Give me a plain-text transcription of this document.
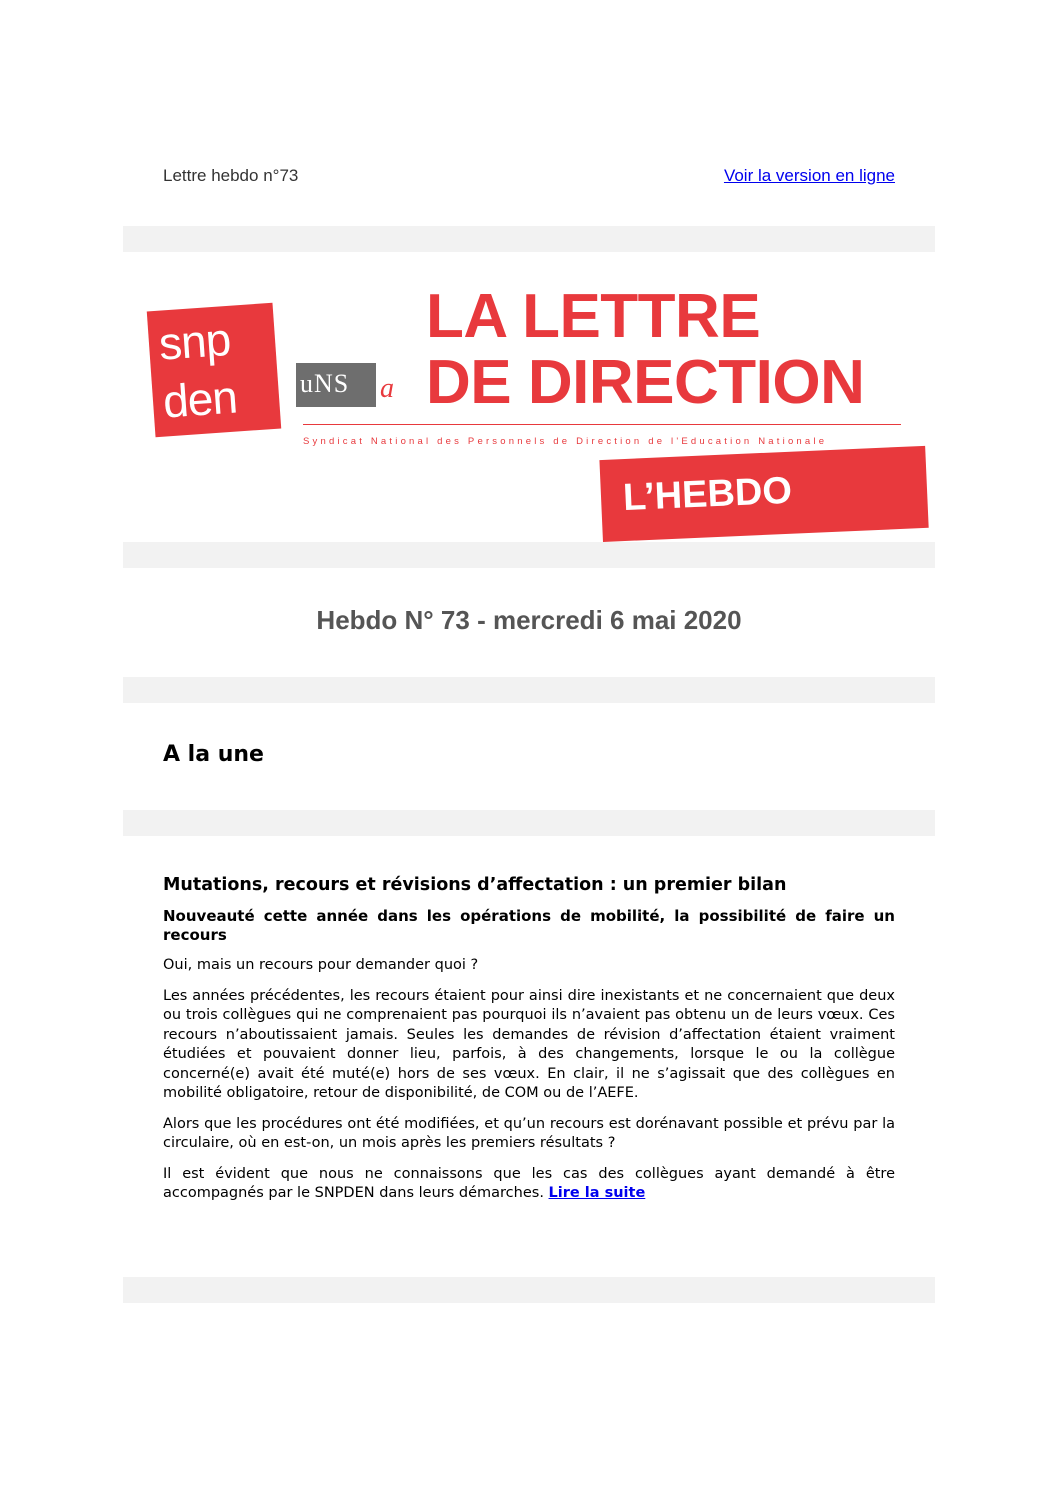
Lettre hebdo n°73	Voir la version en ligne
snp
den uNS a
LA LETTRE
DE DIRECTION
Syndicat National des Personnels de Direction de l'Education Nationale
L’HEBDO
Hebdo N° 73 - mercredi 6 mai 2020
A la une
Mutations, recours et révisions d’affectation : un premier bilan
Nouveauté cette année dans les opérations de mobilité, la possibilité de faire un recours

Oui, mais un recours pour demander quoi ?

Les années précédentes, les recours étaient pour ainsi dire inexistants et ne concernaient que deux ou trois collègues qui ne comprenaient pas pourquoi ils n’avaient pas obtenu un de leurs vœux. Ces recours n’aboutissaient jamais. Seules les demandes de révision d’affectation étaient vraiment étudiées et pouvaient donner lieu, parfois, à des changements, lorsque le ou la collègue concerné(e) avait été muté(e) hors de ses vœux. En clair, il ne s’agissait que des collègues en mobilité obligatoire, retour de disponibilité, de COM ou de l’AEFE.

Alors que les procédures ont été modifiées, et qu’un recours est dorénavant possible et prévu par la circulaire, où en est-on, un mois après les premiers résultats ?

Il est évident que nous ne connaissons que les cas des collègues ayant demandé à être accompagnés par le SNPDEN dans leurs démarches. Lire la suite
